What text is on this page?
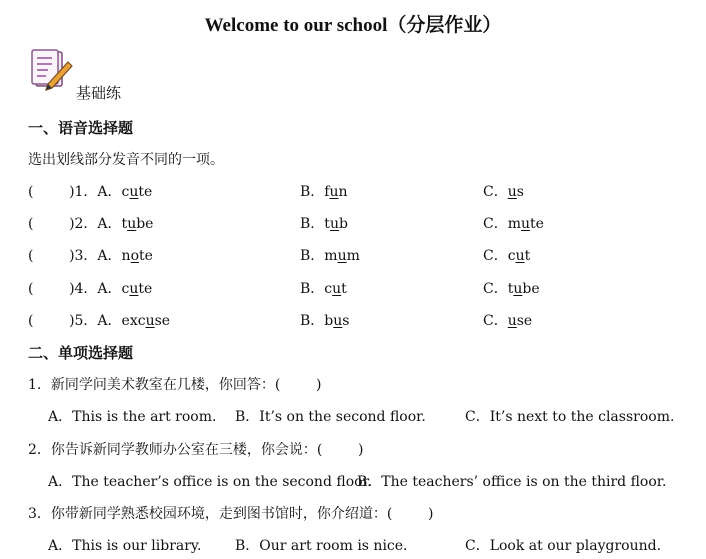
Welcome to our school（分层作业）
基础练
一、语音选择题
选出划线部分发音不同的一项。
(        )1．A．cute	B．fun	C．us
(        )2．A．tube	B．tub	C．mute
(        )3．A．note	B．mum	C．cut
(        )4．A．cute	B．cut	C．tube
(        )5．A．excuse	B．bus	C．use
二、单项选择题
1．新同学问美术教室在几楼，你回答：(        )
A．This is the art room. B．It’s on the second floor.	C．It’s next to the classroom.
2．你告诉新同学教师办公室在三楼，你会说：(        )
A．The teacher’s office is on the second floor.
B．The teachers’ office is on the third floor.
3．你带新同学熟悉校园环境，走到图书馆时，你介绍道：(        )
A．This is our library. B．Our art room is nice.	C．Look at our playground.
